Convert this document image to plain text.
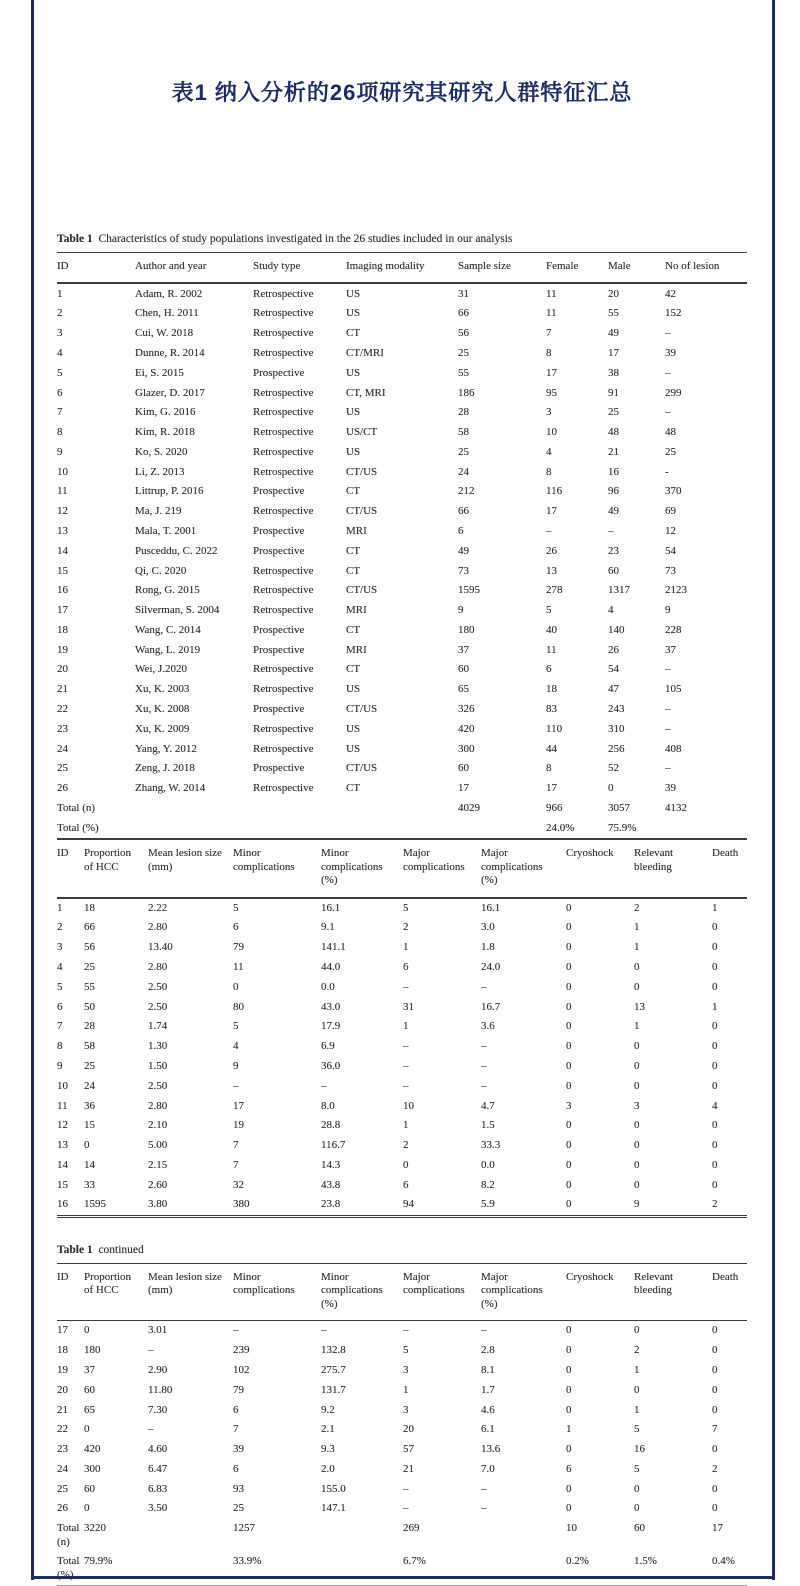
表1 纳入分析的26项研究其研究人群特征汇总

Table 1 Characteristics of study populations investigated in the 26 studies included in our analysis

ID	Author and year	Study type	Imaging modality	Sample size	Female	Male	No of lesion
1	Adam, R. 2002	Retrospective	US	31	11	20	42
2	Chen, H. 2011	Retrospective	US	66	11	55	152
3	Cui, W. 2018	Retrospective	CT	56	7	49	–
4	Dunne, R. 2014	Retrospective	CT/MRI	25	8	17	39
5	Ei, S. 2015	Prospective	US	55	17	38	–
6	Glazer, D. 2017	Retrospective	CT, MRI	186	95	91	299
7	Kim, G. 2016	Retrospective	US	28	3	25	–
8	Kim, R. 2018	Retrospective	US/CT	58	10	48	48
9	Ko, S. 2020	Retrospective	US	25	4	21	25
10	Li, Z. 2013	Retrospective	CT/US	24	8	16	-
11	Littrup, P. 2016	Prospective	CT	212	116	96	370
12	Ma, J. 219	Retrospective	CT/US	66	17	49	69
13	Mala, T. 2001	Prospective	MRI	6	–	–	12
14	Pusceddu, C. 2022	Prospective	CT	49	26	23	54
15	Qi, C. 2020	Retrospective	CT	73	13	60	73
16	Rong, G. 2015	Retrospective	CT/US	1595	278	1317	2123
17	Silverman, S. 2004	Retrospective	MRI	9	5	4	9
18	Wang, C. 2014	Prospective	CT	180	40	140	228
19	Wang, L. 2019	Prospective	MRI	37	11	26	37
20	Wei, J.2020	Retrospective	CT	60	6	54	–
21	Xu, K. 2003	Retrospective	US	65	18	47	105
22	Xu, K. 2008	Prospective	CT/US	326	83	243	–
23	Xu, K. 2009	Retrospective	US	420	110	310	–
24	Yang, Y. 2012	Retrospective	US	300	44	256	408
25	Zeng, J. 2018	Prospective	CT/US	60	8	52	–
26	Zhang, W. 2014	Retrospective	CT	17	17	0	39
Total (n)				4029	966	3057	4132
Total (%)					24.0%	75.9%	
ID	Proportion of HCC	Mean lesion size (mm)	Minor complications	Minor complications (%)	Major complications	Major complications (%)	Cryoshock	Relevant bleeding	Death
1	18	2.22	5	16.1	5	16.1	0	2	1
2	66	2.80	6	9.1	2	3.0	0	1	0
3	56	13.40	79	141.1	1	1.8	0	1	0
4	25	2.80	11	44.0	6	24.0	0	0	0
5	55	2.50	0	0.0	–	–	0	0	0
6	50	2.50	80	43.0	31	16.7	0	13	1
7	28	1.74	5	17.9	1	3.6	0	1	0
8	58	1.30	4	6.9	–	–	0	0	0
9	25	1.50	9	36.0	–	–	0	0	0
10	24	2.50	–	–	–	–	0	0	0
11	36	2.80	17	8.0	10	4.7	3	3	4
12	15	2.10	19	28.8	1	1.5	0	0	0
13	0	5.00	7	116.7	2	33.3	0	0	0
14	14	2.15	7	14.3	0	0.0	0	0	0
15	33	2.60	32	43.8	6	8.2	0	0	0
16	1595	3.80	380	23.8	94	5.9	0	9	2

Table 1 continued

ID	Proportion of HCC	Mean lesion size (mm)	Minor complications	Minor complications (%)	Major complications	Major complications (%)	Cryoshock	Relevant bleeding	Death
17	0	3.01	–	–	–	–	0	0	0
18	180	–	239	132.8	5	2.8	0	2	0
19	37	2.90	102	275.7	3	8.1	0	1	0
20	60	11.80	79	131.7	1	1.7	0	0	0
21	65	7.30	6	9.2	3	4.6	0	1	0
22	0	–	7	2.1	20	6.1	1	5	7
23	420	4.60	39	9.3	57	13.6	0	16	0
24	300	6.47	6	2.0	21	7.0	6	5	2
25	60	6.83	93	155.0	–	–	0	0	0
26	0	3.50	25	147.1	–	–	0	0	0
Total (n)	3220		1257		269		10	60	17
Total (%)	79.9%		33.9%		6.7%		0.2%	1.5%	0.4%
